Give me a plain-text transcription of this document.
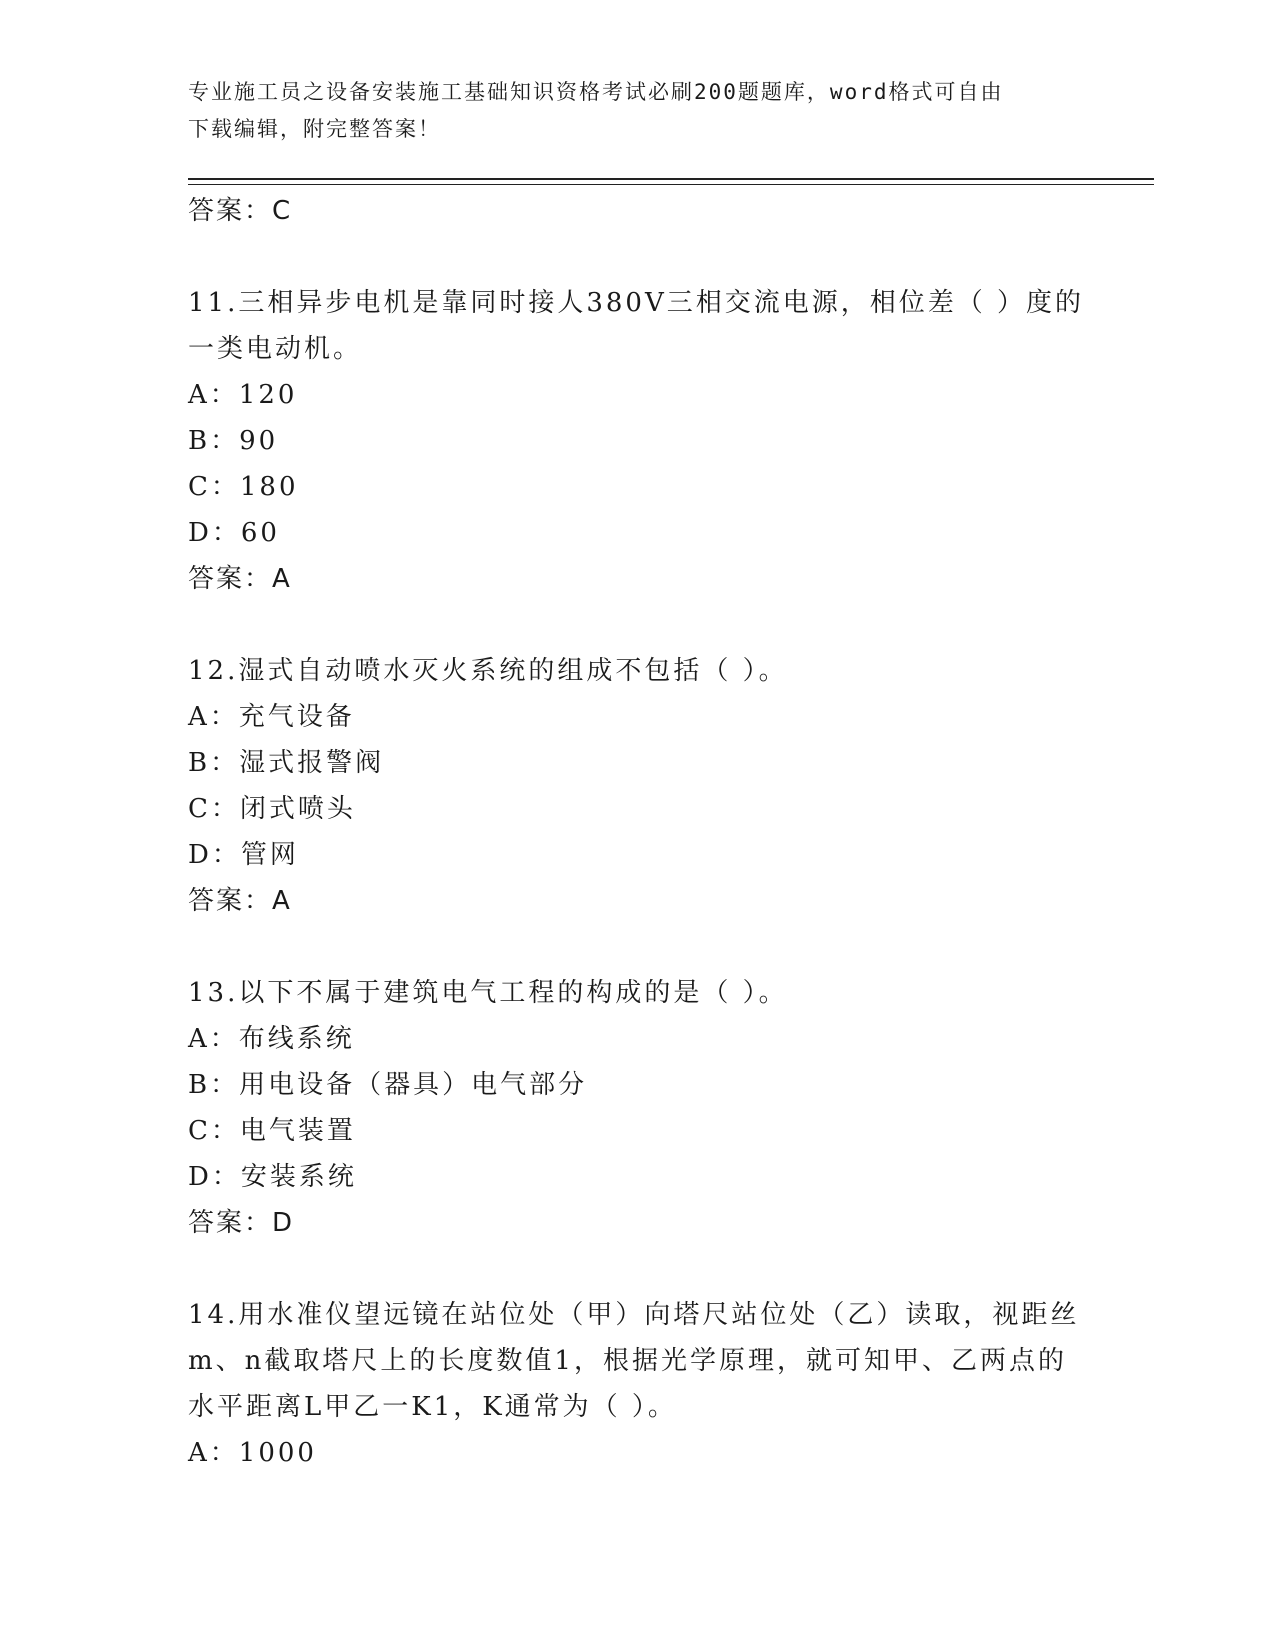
专业施工员之设备安装施工基础知识资格考试必刷200题题库，word格式可自由
下载编辑，附完整答案！
答案：C
11.三相异步电机是靠同时接人380V三相交流电源，相位差（ ）度的
一类电动机。
A：120
B：90
C：180
D：60
答案：A
12.湿式自动喷水灭火系统的组成不包括（ ）。
A：充气设备
B：湿式报警阀
C：闭式喷头
D：管网
答案：A
13.以下不属于建筑电气工程的构成的是（ ）。
A：布线系统
B：用电设备（器具）电气部分
C：电气装置
D：安装系统
答案：D
14.用水准仪望远镜在站位处（甲）向塔尺站位处（乙）读取，视距丝
m、n截取塔尺上的长度数值1，根据光学原理，就可知甲、乙两点的
水平距离L甲乙一K1，K通常为（ ）。
A：1000
